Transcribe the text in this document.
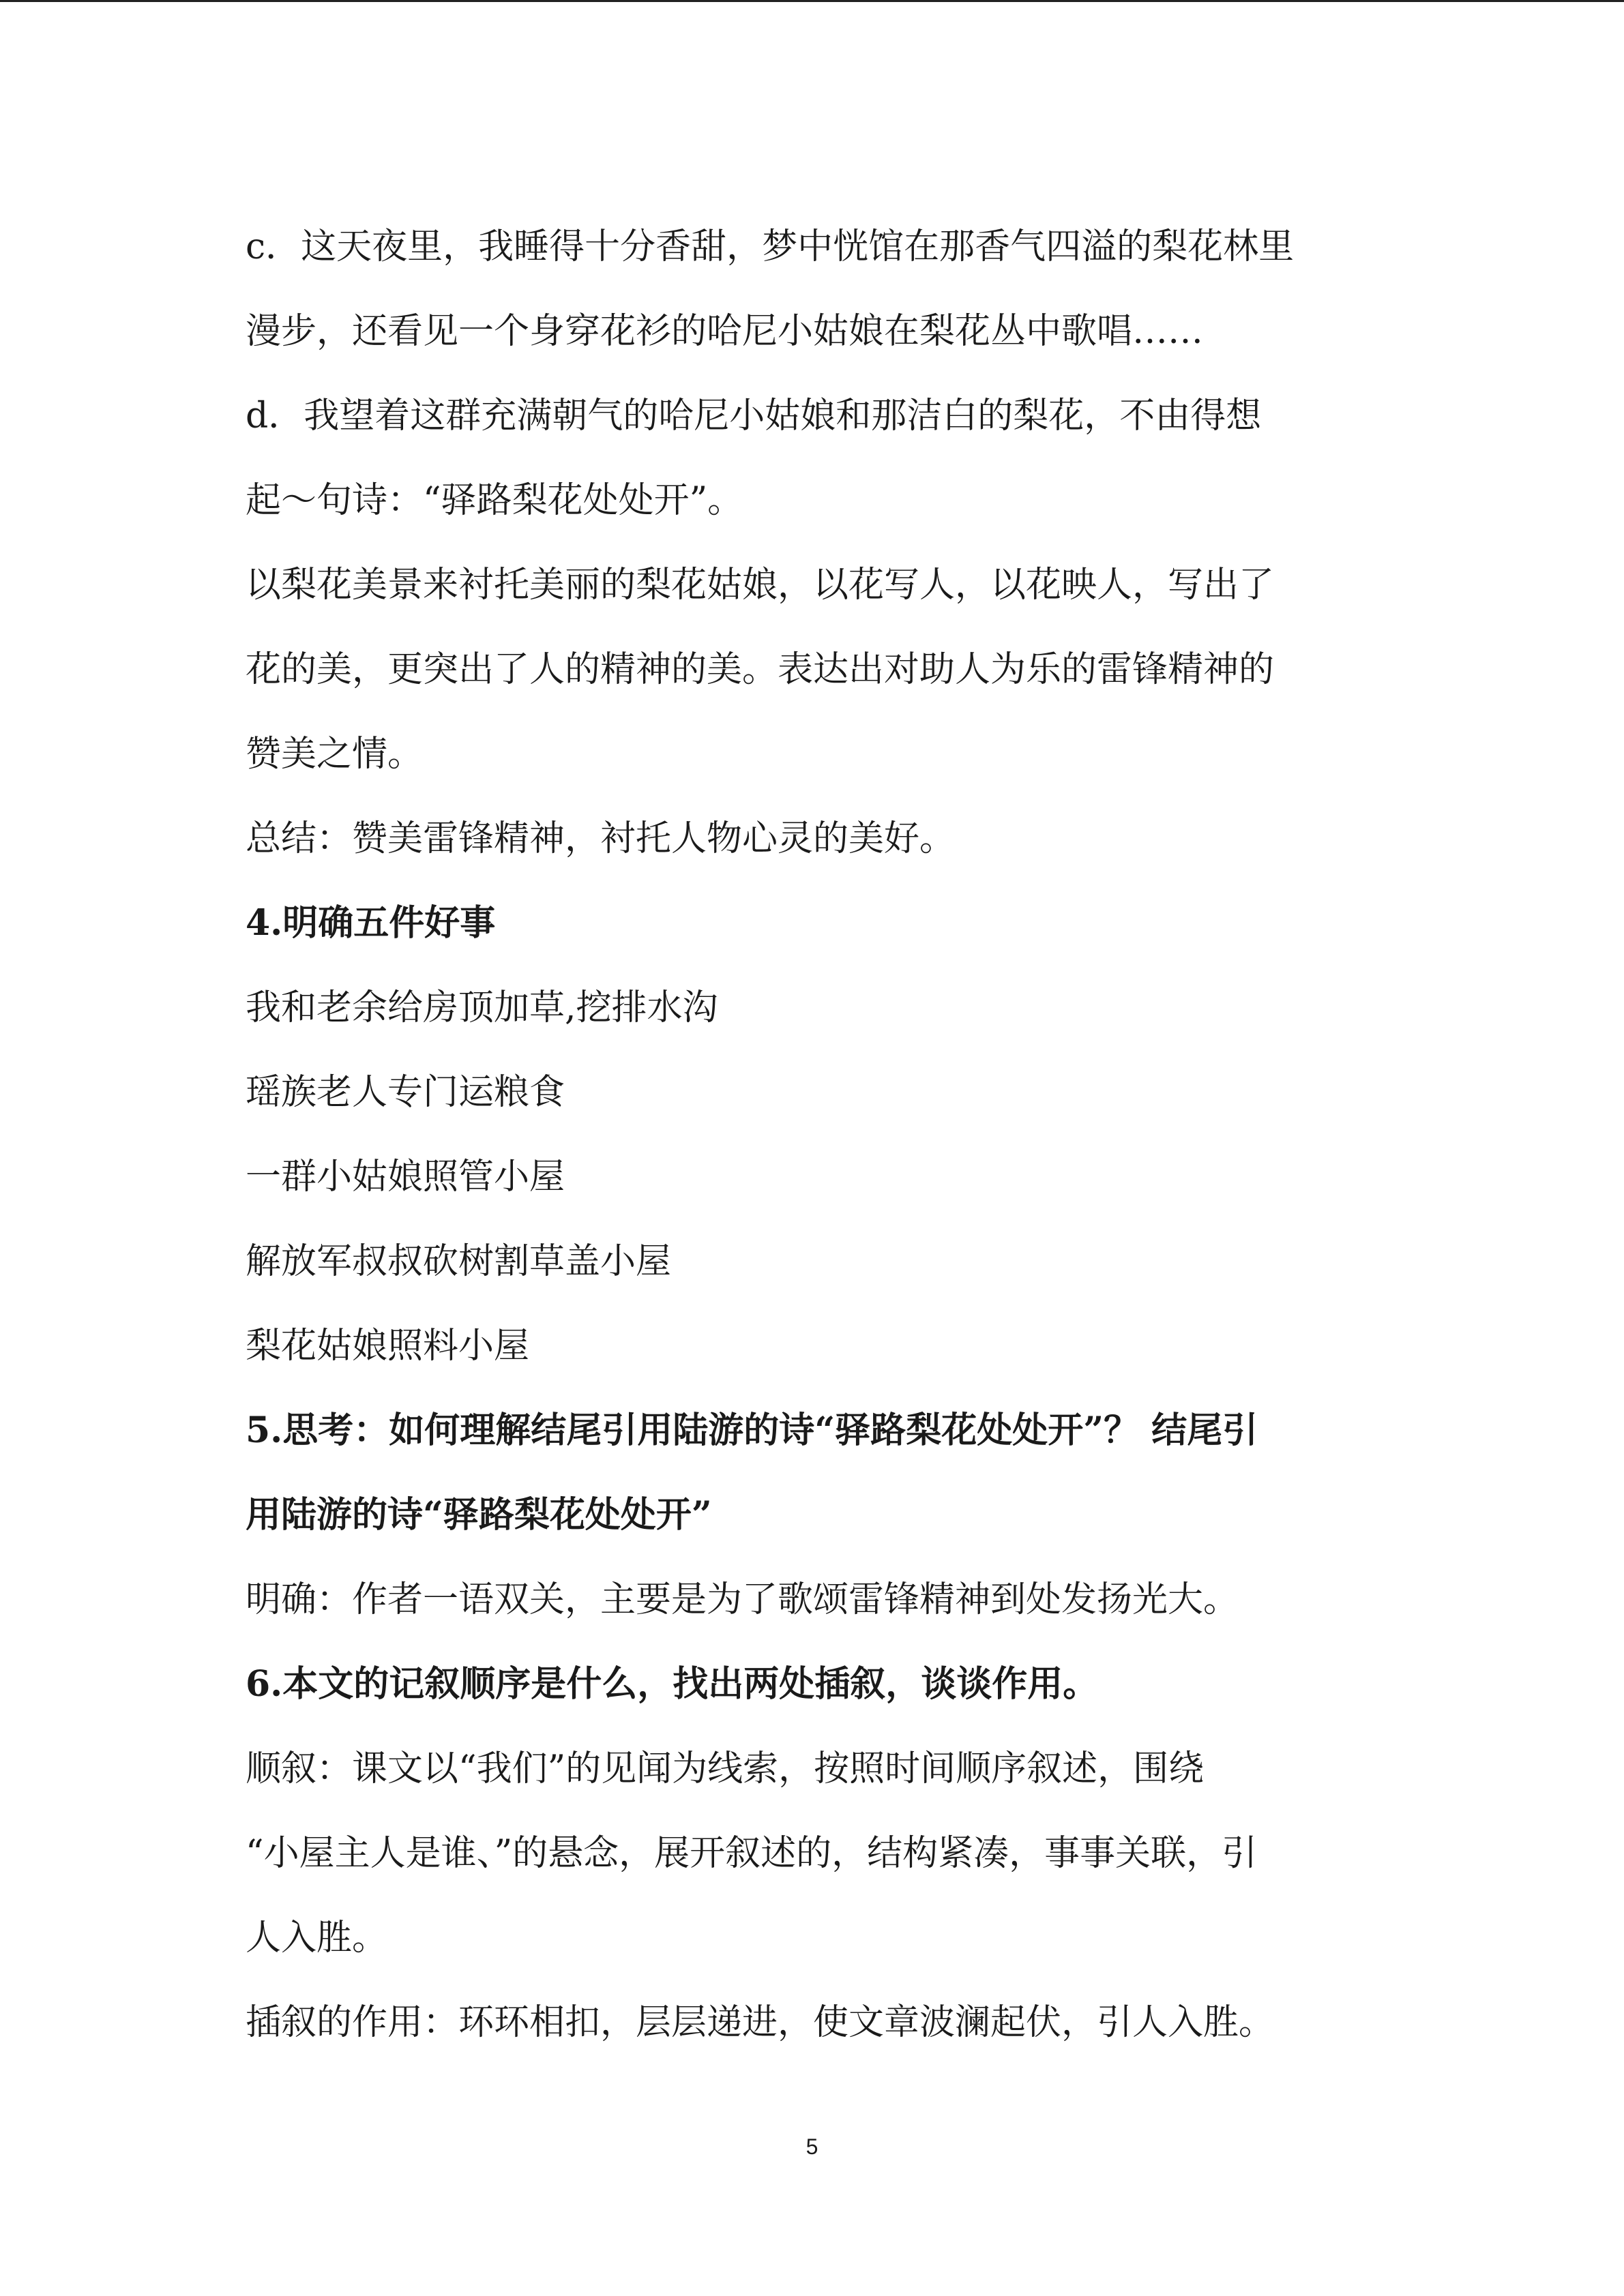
c．这天夜里，我睡得十分香甜，梦中恍馆在那香气四溢的梨花林里

漫步，还看见一个身穿花衫的哈尼小姑娘在梨花丛中歌唱……

d．我望着这群充满朝气的哈尼小姑娘和那洁白的梨花，不由得想

起～句诗：“驿路梨花处处开”。

以梨花美景来衬托美丽的梨花姑娘，以花写人，以花映人，写出了

花的美，更突出了人的精神的美。表达出对助人为乐的雷锋精神的

赞美之情。

总结：赞美雷锋精神，衬托人物心灵的美好。

4.明确五件好事

我和老余给房顶加草,挖排水沟

瑶族老人专门运粮食

一群小姑娘照管小屋

解放军叔叔砍树割草盖小屋

梨花姑娘照料小屋

5.思考：如何理解结尾引用陆游的诗“驿路梨花处处开”？ 结尾引

用陆游的诗“驿路梨花处处开”

明确：作者一语双关，主要是为了歌颂雷锋精神到处发扬光大。

6.本文的记叙顺序是什么，找出两处插叙，谈谈作用。

顺叙：课文以“我们”的见闻为线索，按照时间顺序叙述，围绕

“小屋主人是谁、”的悬念，展开叙述的，结构紧凑，事事关联，引

人入胜。

插叙的作用：环环相扣，层层递进，使文章波澜起伏，引人入胜。

5
